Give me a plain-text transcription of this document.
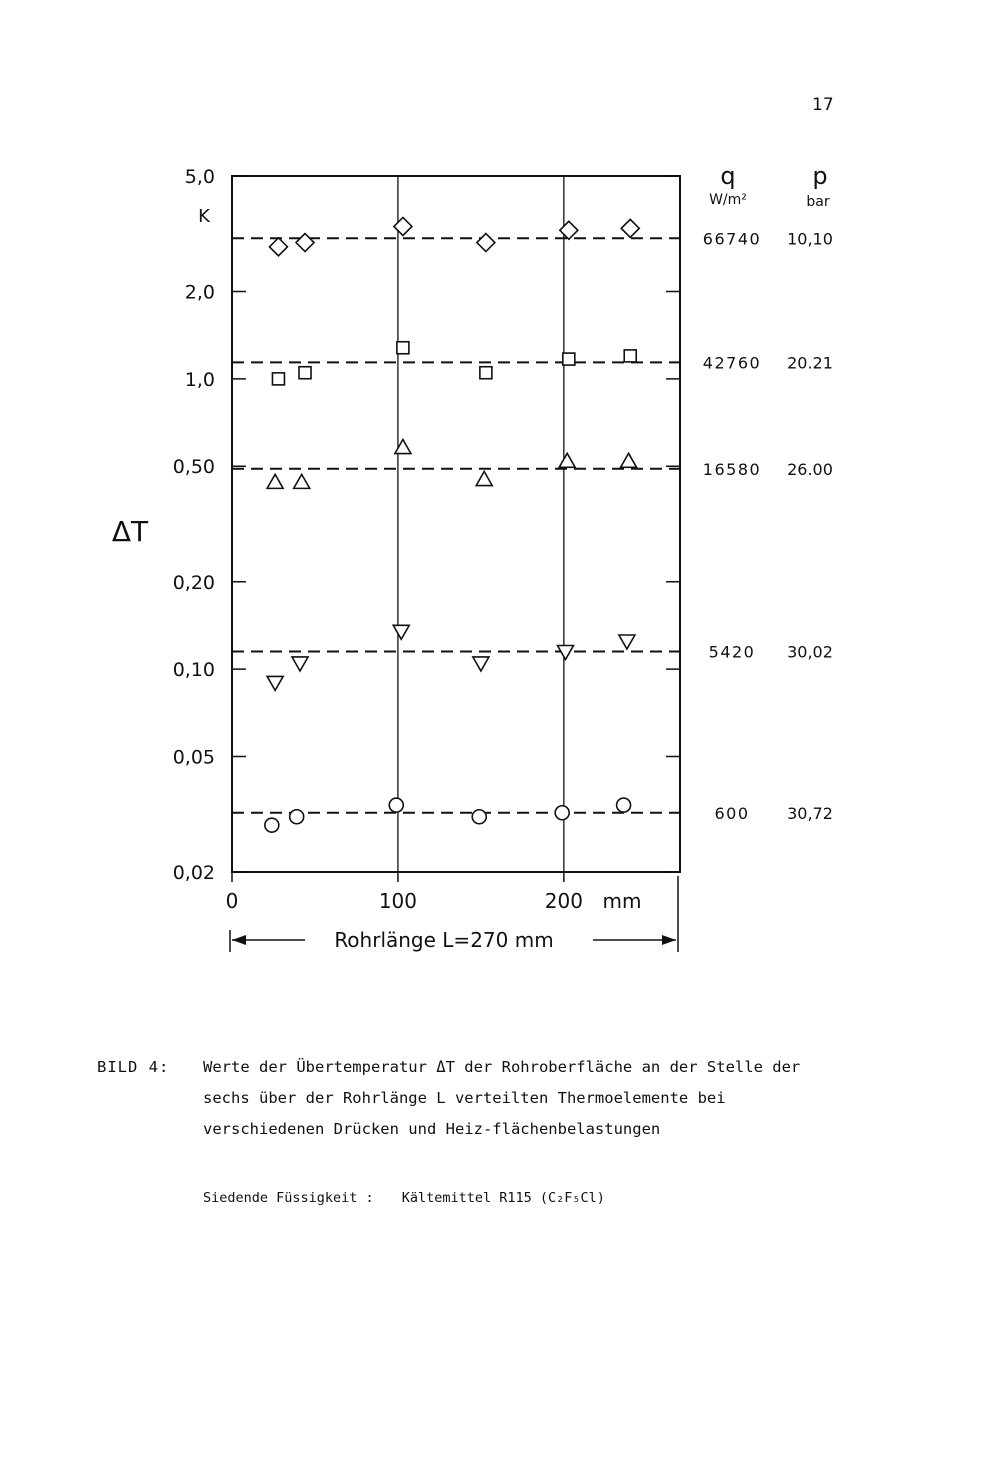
17
5,0
2,0
1,0
0,50
0,20
0,10
0,05
0,02
0	100	200
66740 10,10
42760 20.21
16580 26.00
5420 30,02
600 30,72
q
W/m²
p
bar
K
ΔT
mm
Rohrlänge L=270 mm
BILD 4: Werte der Übertemperatur ΔT der Rohroberfläche an der Stelle der sechs über der Rohrlänge L verteilten Thermoelemente bei verschiedenen Drücken und Heiz-flächenbelastungen
Siedende Füssigkeit : Kältemittel R115 (C₂F₅Cl)
